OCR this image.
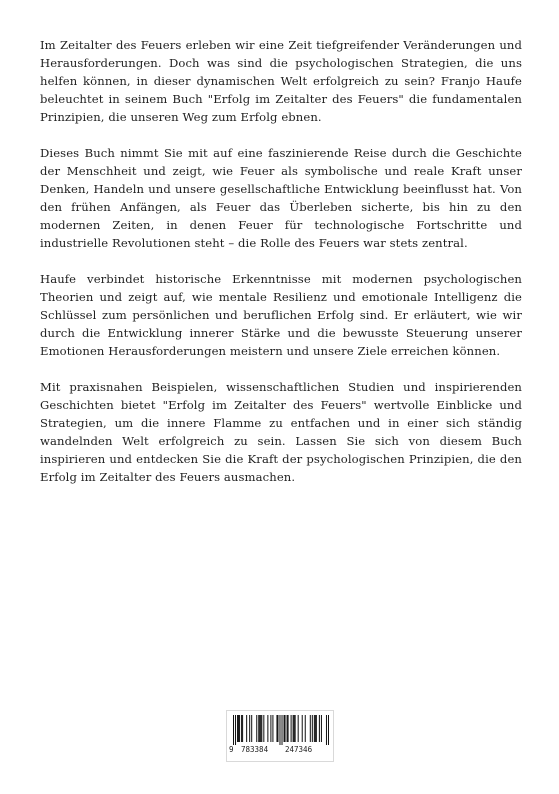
Im Zeitalter des Feuers erleben wir eine Zeit tiefgreifender Veränderungen und Herausforderungen. Doch was sind die psychologischen Strategien, die uns helfen können, in dieser dynamischen Welt erfolgreich zu sein? Franjo Haufe beleuchtet in seinem Buch "Erfolg im Zeitalter des Feuers" die fundamentalen Prinzipien, die unseren Weg zum Erfolg ebnen.

Dieses Buch nimmt Sie mit auf eine faszinierende Reise durch die Geschichte der Menschheit und zeigt, wie Feuer als symbolische und reale Kraft unser Denken, Handeln und unsere gesellschaftliche Entwicklung beeinflusst hat. Von den frühen Anfängen, als Feuer das Überleben sicherte, bis hin zu den modernen Zeiten, in denen Feuer für technologische Fortschritte und industrielle Revolutionen steht – die Rolle des Feuers war stets zentral.

Haufe verbindet historische Erkenntnisse mit modernen psychologischen Theorien und zeigt auf, wie mentale Resilienz und emotionale Intelligenz die Schlüssel zum persönlichen und beruflichen Erfolg sind. Er erläutert, wie wir durch die Entwicklung innerer Stärke und die bewusste Steuerung unserer Emotionen Herausforderungen meistern und unsere Ziele erreichen können.

Mit praxisnahen Beispielen, wissenschaftlichen Studien und inspirierenden Geschichten bietet "Erfolg im Zeitalter des Feuers" wertvolle Einblicke und Strategien, um die innere Flamme zu entfachen und in einer sich ständig wandelnden Welt erfolgreich zu sein. Lassen Sie sich von diesem Buch inspirieren und entdecken Sie die Kraft der psychologischen Prinzipien, die den Erfolg im Zeitalter des Feuers ausmachen.

9 783384 247346
